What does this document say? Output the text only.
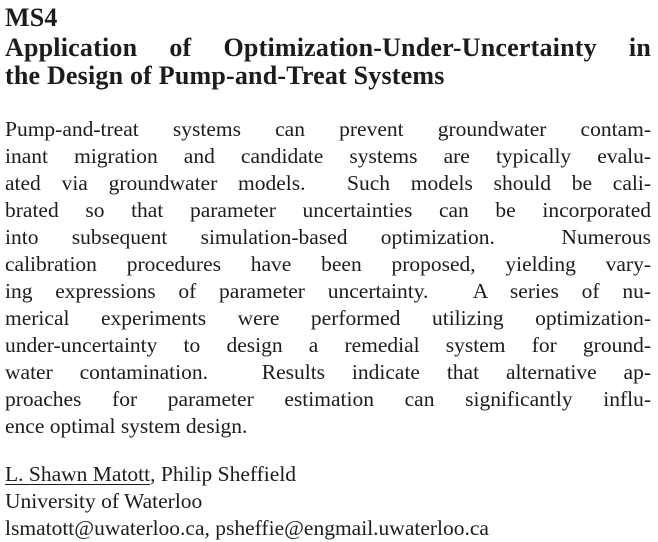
MS4
Application of Optimization-Under-Uncertainty in
the Design of Pump-and-Treat Systems
Pump-and-treat systems can prevent groundwater contam-
inant migration and candidate systems are typically evalu-
ated via groundwater models.  Such models should be cali-
brated so that parameter uncertainties can be incorporated
into subsequent simulation-based optimization.  Numerous
calibration procedures have been proposed, yielding vary-
ing expressions of parameter uncertainty.  A series of nu-
merical experiments were performed utilizing optimization-
under-uncertainty to design a remedial system for ground-
water contamination.  Results indicate that alternative ap-
proaches for parameter estimation can significantly influ-
ence optimal system design.
L. Shawn Matott, Philip Sheffield
University of Waterloo
lsmatott@uwaterloo.ca, psheffie@engmail.uwaterloo.ca
